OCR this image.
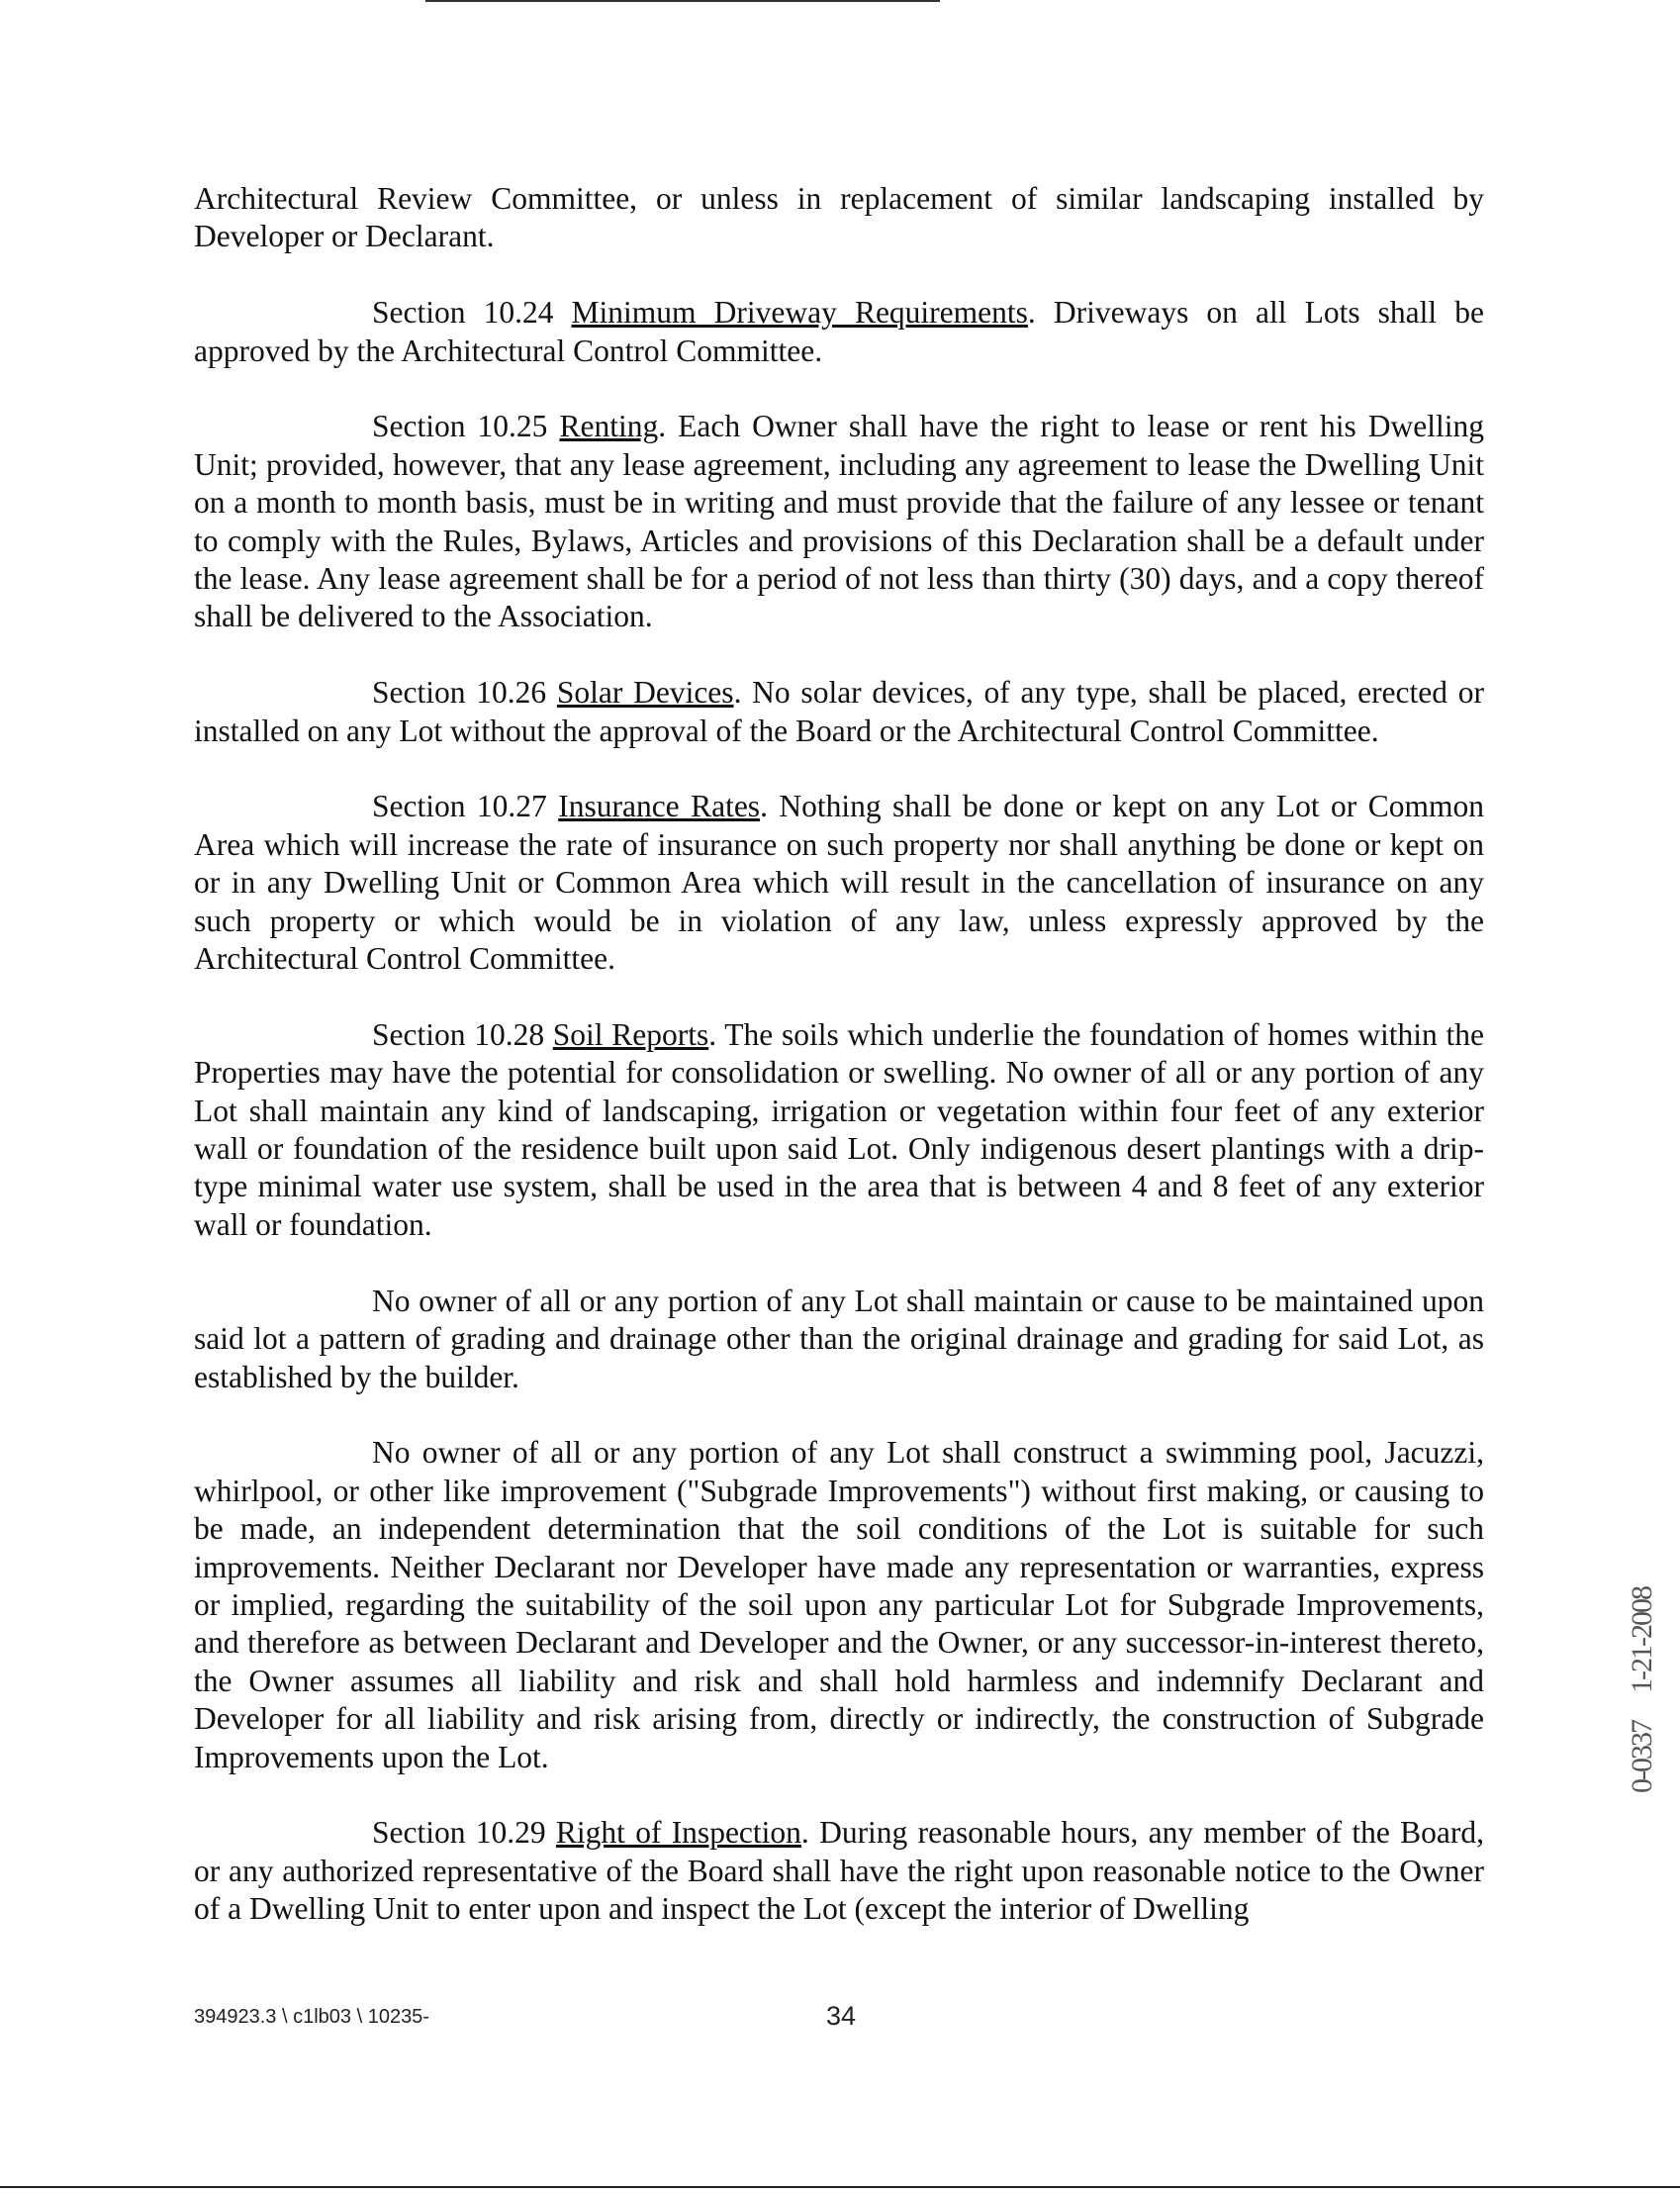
Architectural Review Committee, or unless in replacement of similar landscaping installed by Developer or Declarant.

Section 10.24 Minimum Driveway Requirements. Driveways on all Lots shall be approved by the Architectural Control Committee.

Section 10.25 Renting. Each Owner shall have the right to lease or rent his Dwelling Unit; provided, however, that any lease agreement, including any agreement to lease the Dwelling Unit on a month to month basis, must be in writing and must provide that the failure of any lessee or tenant to comply with the Rules, Bylaws, Articles and provisions of this Declaration shall be a default under the lease. Any lease agreement shall be for a period of not less than thirty (30) days, and a copy thereof shall be delivered to the Association.

Section 10.26 Solar Devices. No solar devices, of any type, shall be placed, erected or installed on any Lot without the approval of the Board or the Architectural Control Committee.

Section 10.27 Insurance Rates. Nothing shall be done or kept on any Lot or Common Area which will increase the rate of insurance on such property nor shall anything be done or kept on or in any Dwelling Unit or Common Area which will result in the cancellation of insurance on any such property or which would be in violation of any law, unless expressly approved by the Architectural Control Committee.

Section 10.28 Soil Reports. The soils which underlie the foundation of homes within the Properties may have the potential for consolidation or swelling. No owner of all or any portion of any Lot shall maintain any kind of landscaping, irrigation or vegetation within four feet of any exterior wall or foundation of the residence built upon said Lot. Only indigenous desert plantings with a drip-type minimal water use system, shall be used in the area that is between 4 and 8 feet of any exterior wall or foundation.

No owner of all or any portion of any Lot shall maintain or cause to be maintained upon said lot a pattern of grading and drainage other than the original drainage and grading for said Lot, as established by the builder.

No owner of all or any portion of any Lot shall construct a swimming pool, Jacuzzi, whirlpool, or other like improvement ("Subgrade Improvements") without first making, or causing to be made, an independent determination that the soil conditions of the Lot is suitable for such improvements. Neither Declarant nor Developer have made any representation or warranties, express or implied, regarding the suitability of the soil upon any particular Lot for Subgrade Improvements, and therefore as between Declarant and Developer and the Owner, or any successor-in-interest thereto, the Owner assumes all liability and risk and shall hold harmless and indemnify Declarant and Developer for all liability and risk arising from, directly or indirectly, the construction of Subgrade Improvements upon the Lot.

Section 10.29 Right of Inspection. During reasonable hours, any member of the Board, or any authorized representative of the Board shall have the right upon reasonable notice to the Owner of a Dwelling Unit to enter upon and inspect the Lot (except the interior of Dwelling

1-21-2008
0-0337
394923.3 \ c1lb03 \ 10235-	34
